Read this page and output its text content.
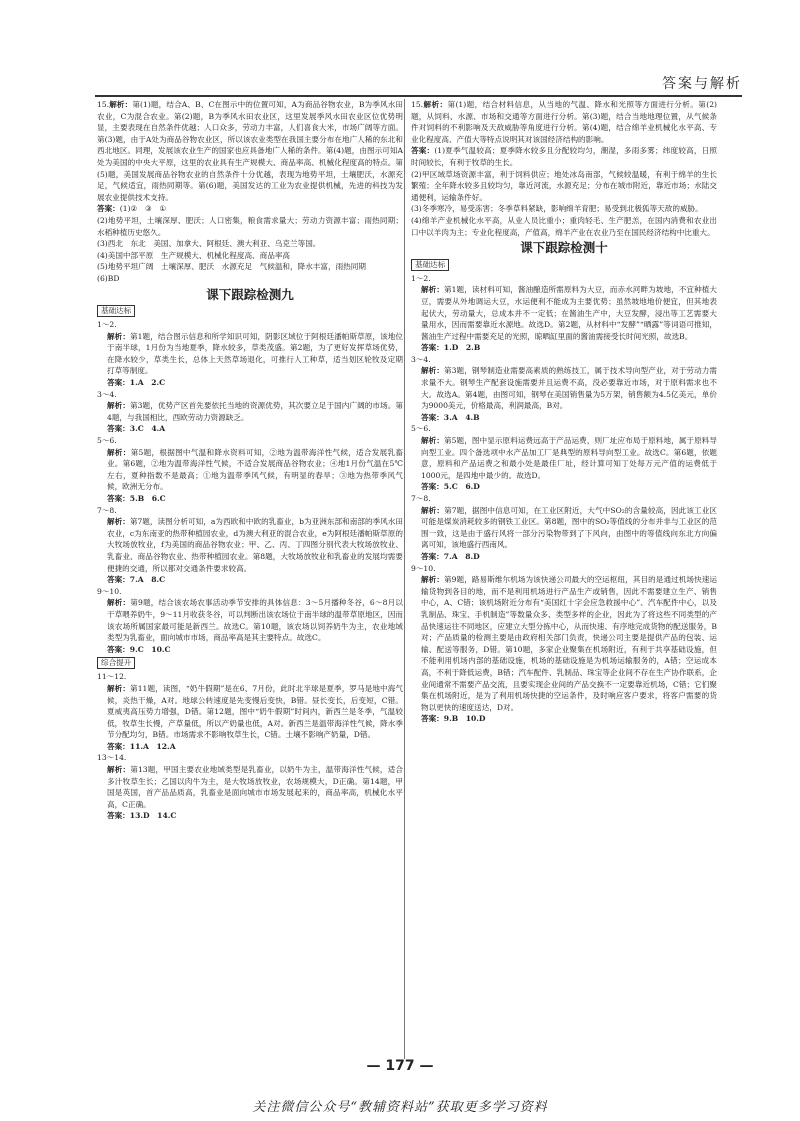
答案与解析

15.解析：第(1)题，结合A、B、C在图示中的位置可知，A为商品谷物农业，B为季风水田农业，C为混合农业。第(2)题，B为季风水田农业区，这里发展季风水田农业区位优势明显，主要表现在自然条件优越；人口众多，劳动力丰富，人们喜食大米，市场广阔等方面。第(3)题，由于A处为商品谷物农业区，所以该农业类型在我国主要分布在地广人稀的东北和西北地区。同理，发展该农业生产的国家也应具备地广人稀的条件。第(4)题，由图示可知A处为美国的中央大平原，这里的农业具有生产规模大、商品率高、机械化程度高的特点。第(5)题，美国发展商品谷物农业的自然条件十分优越，表现为地势平坦，土壤肥沃，水源充足，气候适宜，雨热同期等。第(6)题，美国发达的工业为农业提供机械，先进的科技为发展农业提供技术支持。

答案：(1)②　③　①

(2)地势平坦，土壤深厚、肥沃；人口密集，粮食需求量大；劳动力资源丰富；雨热同期；水稻种植历史悠久。

(3)西北　东北　美国、加拿大、阿根廷、澳大利亚、乌克兰等国。

(4)美国中部平原　生产规模大、机械化程度高、商品率高

(5)地势平坦广阔　土壤深厚、肥沃　水源充足　气候温和，降水丰富，雨热同期

(6)BD

课下跟踪检测九
基础达标

1～2.

解析：第1题，结合图示信息和所学知识可知，阴影区域位于阿根廷潘帕斯草原，该地位于南半球，1月份为当地夏季，降水较多，草类茂盛。第2题，为了更好发挥草场优势，在降水较少，草类生长，总体上天然草场退化，可推行人工种草，适当划区轮牧及定期打草等制度。

答案：1.A　2.C

3～4.

解析：第3题，优势产区首先要依托当地的资源优势，其次要立足于国内广阔的市场。第4题，与我国相比，西欧劳动力资源缺乏。

答案：3.C　4.A

5～6.

解析：第5题，根据图中气温和降水资料可知，②地为温带海洋性气候，适合发展乳畜业。第6题，②地为温带海洋性气候，不适合发展商品谷物农业；④地1月份气温在5℃左右，夏种指数不是最高；①地为温带季风气候，有明显的春旱；③地为热带季风气候，欧洲无分布。

答案：5.B　6.C

7～8.

解析：第7题，读图分析可知，a为西欧和中欧的乳畜业，b为亚洲东部和南部的季风水田农业，c为东南亚的热带种植园农业，d为澳大利亚的混合农业，e为阿根廷潘帕斯草原的大牧场放牧业，f为美国的商品谷物农业；甲、乙、丙、丁四图分别代表大牧场放牧业、乳畜业、商品谷物农业、热带种植园农业。第8题，大牧场放牧业和乳畜业的发展均需要便捷的交通，所以都对交通条件要求较高。

答案：7.A　8.C

9～10.

解析：第9题，结合该农场农事活动季节安排的具体信息：3～5月播种冬谷，6～8月以干草喂养奶牛，9～11月收获冬谷，可以判断出该农场位于南半球的温带草原地区，因而该农场所属国家最可能是新西兰。故选C。第10题，该农场以饲养奶牛为主，农业地域类型为乳畜业，面向城市市场，商品率高是其主要特点。故选C。

答案：9.C　10.C

综合提升

11～12.

解析：第11题，读图，“奶牛假期”是在6、7月份，此时北半球是夏季，罗马是地中海气候，炎热干燥，A对。地球公转速度是先变慢后变快，B错。昼长变长，后变短，C错。夏威夷高压势力增强，D错。第12题，图中“奶牛假期”时间内，新西兰是冬季，气温较低，牧草生长慢，产草量低，所以产奶量也低，A对。新西兰是温带海洋性气候，降水季节分配均匀，B错。市场需求不影响牧草生长，C错。土壤不影响产奶量，D错。

答案：11.A　12.A

13～14.

解析：第13题，甲国主要农业地域类型是乳畜业，以奶牛为主，温带海洋性气候，适合多汁牧草生长；乙国以肉牛为主，是大牧场放牧业，农场规模大，D正确。第14题，甲国是英国，首产品品质高，乳畜业是面向城市市场发展起来的，商品率高，机械化水平高，C正确。

答案：13.D　14.C

15.解析：第(1)题，结合材料信息，从当地的气温、降水和光照等方面进行分析。第(2)题，从饲料、水源、市场和交通等方面进行分析。第(3)题，结合当地地理位置，从气候条件对饲料的不利影响及天敌威胁等角度进行分析。第(4)题，结合绵羊业机械化水平高、专业化程度高、产值大等特点说明其对该国经济结构的影响。

答案：(1)夏季气温较高；夏季降水较多且分配较均匀，潮湿，多雨多雾；纬度较高，日照时间较长，有利于牧草的生长。

(2)甲区域草场资源丰富，利于饲料供应；地处冰岛南部，气候较温暖，有利于绵羊的生长繁殖；全年降水较多且较均匀，靠近河流，水源充足；分布在城市附近，靠近市场；水陆交通便利，运输条件好。

(3)冬季寒冷，易受冻害；冬季草料紧缺，影响绵羊育肥；易受到北极狐等天敌的威胁。

(4)绵羊产业机械化水平高，从业人员比重小；重肉轻毛、生产肥羔，在国内消费和农业出口中以羊肉为主；专业化程度高，产值高，绵羊产业在农业乃至在国民经济结构中比重大。

课下跟踪检测十
基础达标

1～2.

解析：第1题，读材料可知，酱油酿造所需原料为大豆，而赤水河畔为坡地，不宜种植大豆，需要从外地调运大豆，水运便利不能成为主要优势；虽然坡地地价便宜，但其地表起伏大，劳动量大，总成本并不一定低；在酱油生产中，大豆发酵，浸出等工艺需要大量用水，因而需要靠近水源地。故选D。第2题，从材料中“发酵”“晒露”等词语可推知，酱油生产过程中需要充足的光照，晾晒缸里面的酱油需接受长时间光照，故选B。

答案：1.D　2.B

3～4.

解析：第3题，钢琴制造业需要高素质的熟练技工，属于技术导向型产业，对于劳动力需求量不大。钢琴生产配套设施需要并且运费不高，没必要靠近市场，对于原料需求也不大。故选A。第4题，由图可知，钢琴在美国销售量为5万架，销售额为4.5亿美元，单价为9000美元，价格最高，利润最高，B对。

答案：3.A　4.B

5～6.

解析：第5题，图中显示原料运费远高于产品运费，则厂址应布局于原料地，属于原料导向型工业。四个备选项中水产品加工厂是典型的原料导向型工业。故选C。第6题，依题意，原料和产品运费之和最小处是最佳厂址，经计算可知丁处每万元产值的运费低于1000元，是四地中最少的。故选D。

答案：5.C　6.D

7～8.

解析：第7题，据图中信息可知，在工业区附近，大气中SO₂的含量较高，因此该工业区可能是煤炭消耗较多的钢铁工业区。第8题，图中的SO₂等值线的分布并非与工业区的范围一致，这是由于盛行风将一部分污染物带到了下风向，由图中的等值线向东北方向偏离可知，该地盛行西南风。

答案：7.A　8.D

9～10.

解析：第9题，路易斯维尔机场为该快递公司最大的空运枢纽，其目的是通过机场快速运输货物到各目的地，而不是利用机场进行产品生产或销售，因此不需要建立生产、销售中心，A、C错；该机场附近分布有“美国红十字会应急救援中心”、汽车配件中心，以及乳制品、珠宝、手机制造”等数量众多、类型多样的企业，因此为了将这些不同类型的产品快速运往不同地区，应建立大型分拣中心，从而快速、有序地完成货物的配送服务，B对；产品质量的检测主要是由政府相关部门负责，快递公司主要是提供产品的包装、运输、配送等服务，D错。第10题，多家企业聚集在机场附近，有利于共享基础设施，但不能利用机场内部的基础设施，机场的基础设施是为机场运输服务的，A错；空运成本高，不利于降低运费，B错；汽车配件、乳制品、珠宝等企业间不存在生产协作联系，企业间通常不需要产品交流，且要实现企业间的产品交换不一定要靠近机场，C错；它们聚集在机场附近，是为了利用机场快捷的空运条件，及时响应客户要求，将客户需要的货物以更快的速度送达，D对。

答案：9.B　10.D

— 177 —
关注微信公众号“教辅资料站”获取更多学习资料
